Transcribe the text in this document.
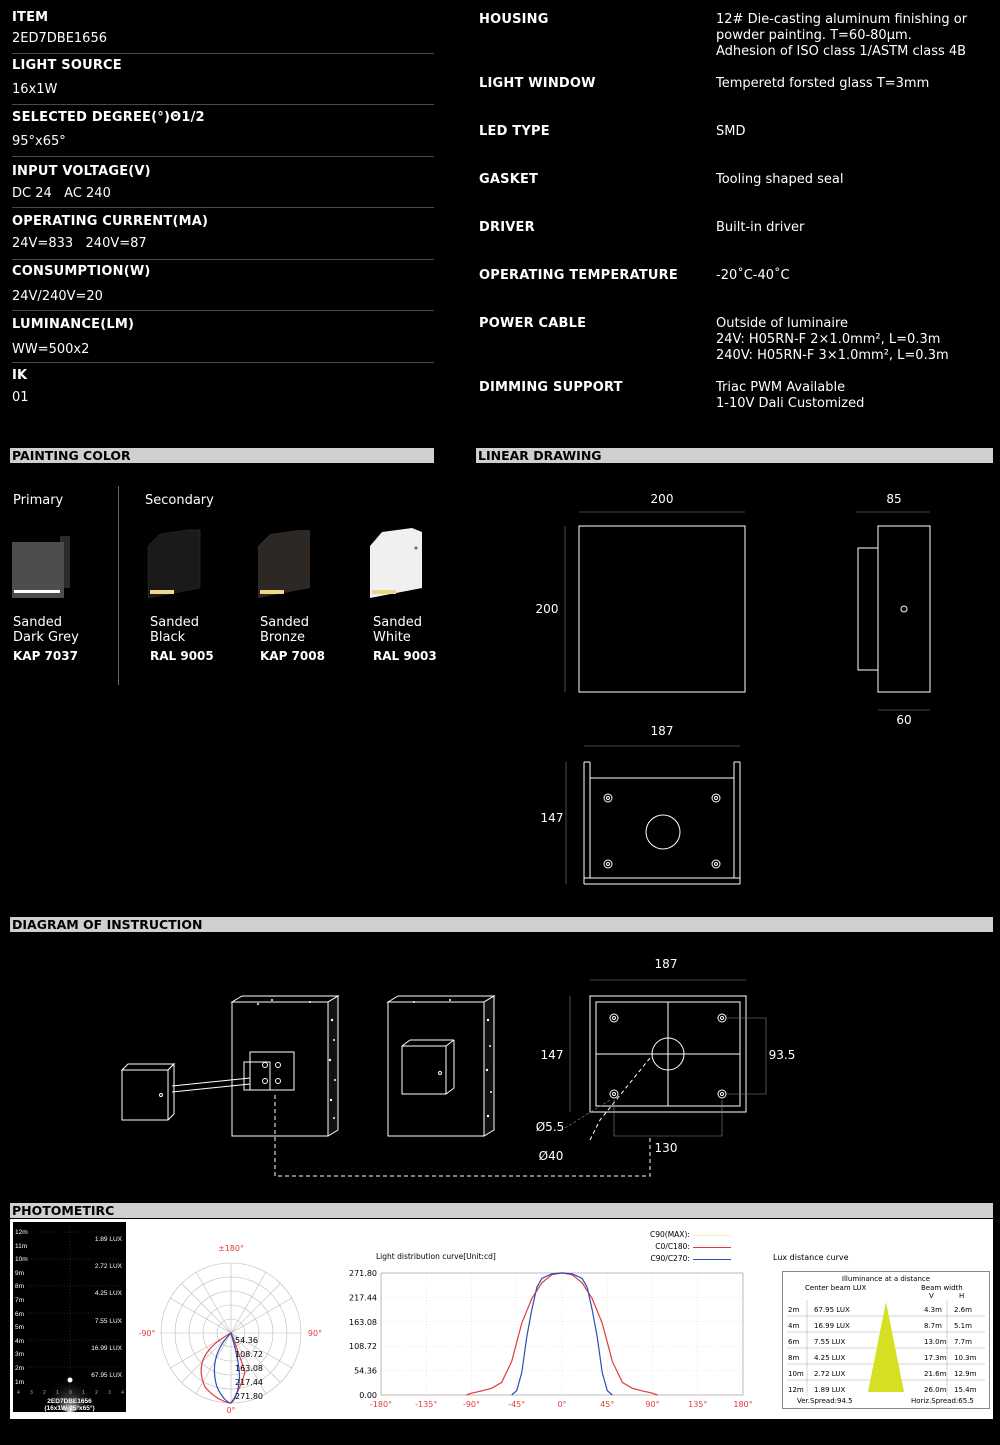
ITEM
2ED7DBE1656
LIGHT SOURCE
16x1W
SELECTED DEGREE(°)Θ1/2
95°x65°
INPUT VOLTAGE(V)
DC 24   AC 240
OPERATING CURRENT(MA)
24V=833   240V=87
CONSUMPTION(W)
24V/240V=20
LUMINANCE(LM)
WW=500x2
IK
01
HOUSING	12# Die-casting aluminum finishing or
powder painting. T=60-80μm.
Adhesion of ISO class 1/ASTM class 4B
LIGHT WINDOW	Temperetd forsted glass T=3mm
LED TYPE	SMD
GASKET	Tooling shaped seal
DRIVER	Built-in driver
OPERATING TEMPERATURE	-20˚C-40˚C
POWER CABLE	Outside of luminaire
24V: H05RN-F 2×1.0mm², L=0.3m
240V: H05RN-F 3×1.0mm², L=0.3m
DIMMING SUPPORT	Triac PWM Available
1-10V Dali Customized
PAINTING COLOR	LINEAR DRAWING
DIAGRAM OF INSTRUCTION
PHOTOMETIRC
Primary	Secondary
Sanded
Dark Grey
KAP 7037
Sanded
Black
RAL 9005
Sanded
Bronze
KAP 7008
Sanded
White
RAL 9003
200
200
85
60
187
147
187
147	93.5
130
Ø5.5
Ø40
12m
11m
10m
9m
8m
7m
6m
5m
4m
3m
2m
1m
1.89 LUX
2.72 LUX
4.25 LUX
7.55 LUX
16.99 LUX
67.95 LUX
4 3 2 1 0 1 2 3 4
2ED7DBE1656
(16x1W-95°x65°)
±180°
-90°	90°
0°
54.36
108.72
163.08
217.44
271.80
C90(MAX):
C0/C180:
C90/C270:
Light distribution curve[Unit:cd]
0.00
54.36
108.72
163.08
217.44
271.80
-180°	-135°	-90°	-45°	0°	45°	90°	135°	180°
Lux distance curve
Illuminance at a distance
Center beam LUX	Beam width
V	H
2m 67.95 LUX	4.3m 2.6m
4m 16.99 LUX	8.7m 5.1m
6m 7.55 LUX	13.0m 7.7m
8m 4.25 LUX	17.3m 10.3m
10m 2.72 LUX	21.6m 12.9m
12m 1.89 LUX	26.0m 15.4m
Ver.Spread:94.5	Horiz.Spread:65.5
